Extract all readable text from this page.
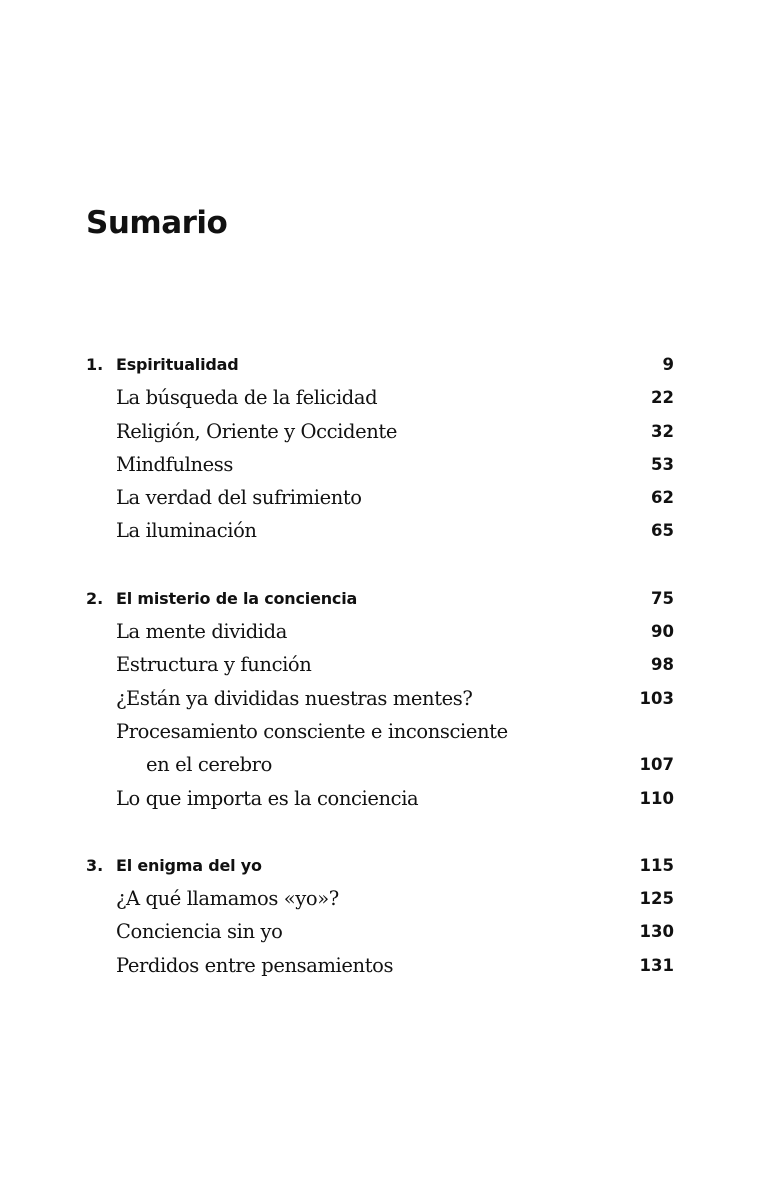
Sumario
1. Espiritualidad	9
La búsqueda de la felicidad	22
Religión, Oriente y Occidente	32
Mindfulness	53
La verdad del sufrimiento	62
La iluminación	65
2. El misterio de la conciencia	75
La mente dividida	90
Estructura y función	98
¿Están ya divididas nuestras mentes?	103
Procesamiento consciente e inconsciente
en el cerebro	107
Lo que importa es la conciencia	110
3. El enigma del yo	115
¿A qué llamamos «yo»?	125
Conciencia sin yo	130
Perdidos entre pensamientos	131
